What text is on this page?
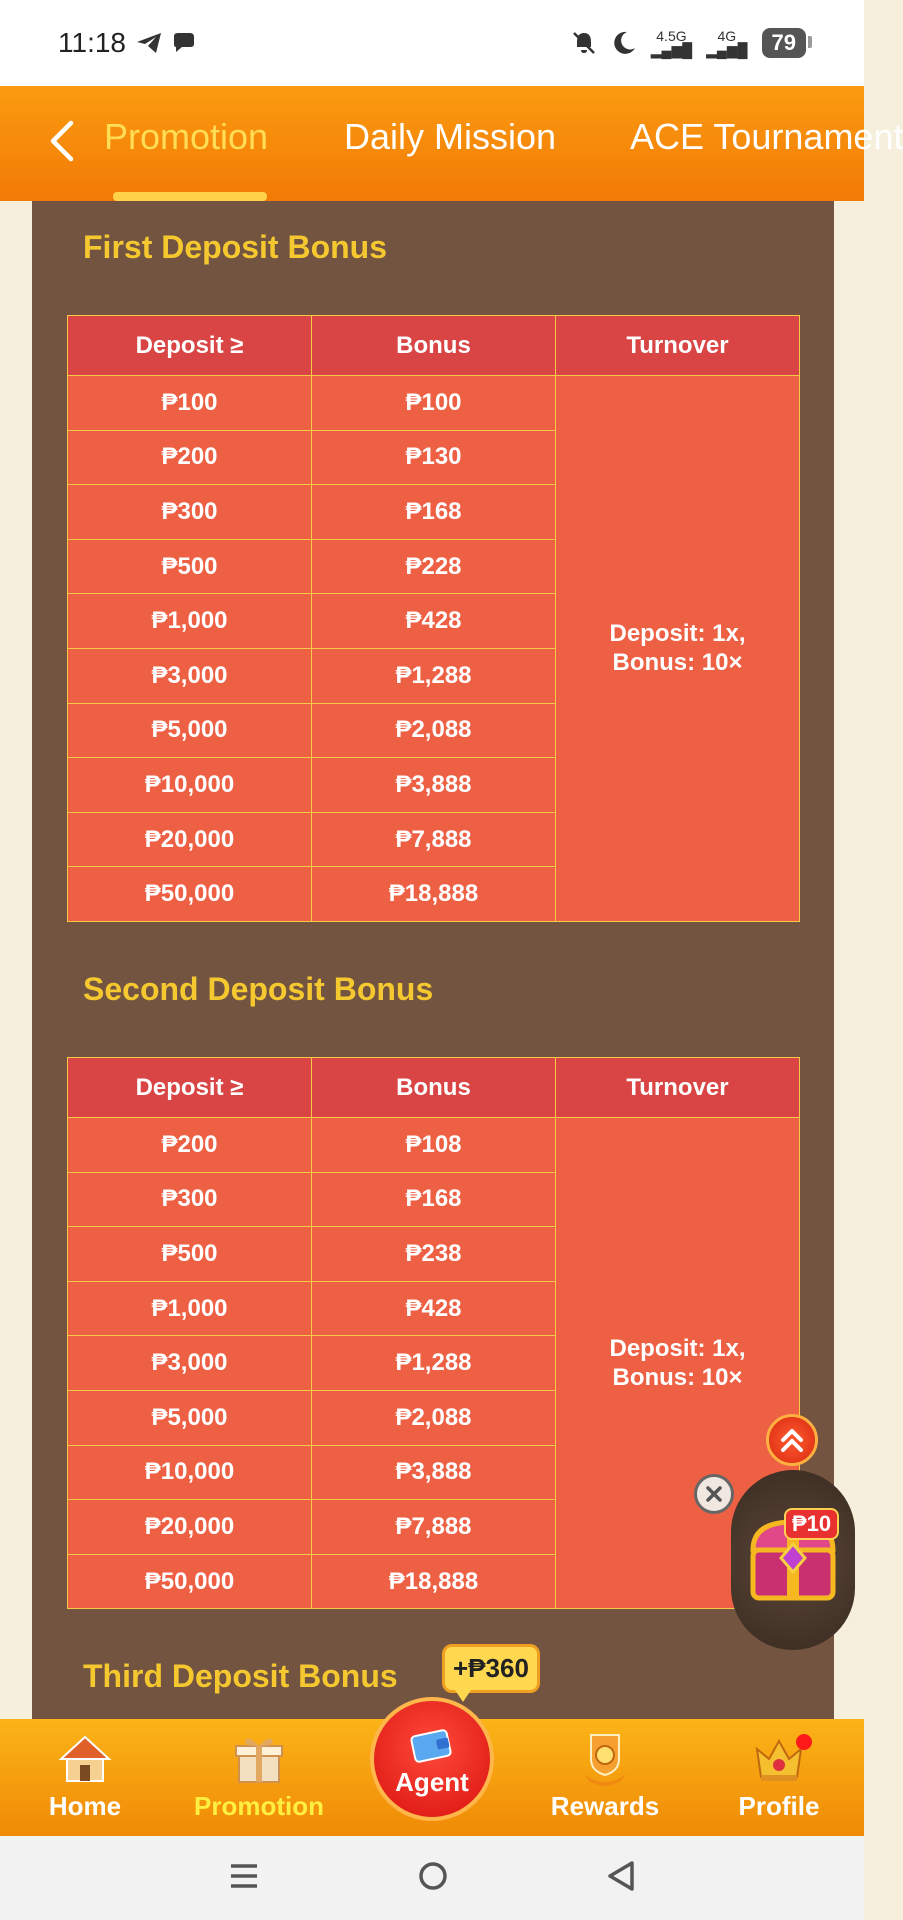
11:18	4.5G
▂▄▆█
4G
▂▄▆█	79
Promotion Daily Mission ACE Tournament
First Deposit Bonus
Deposit ≥	Bonus	Turnover
₱100	₱100	Deposit: 1x,
Bonus: 10×

₱200	₱130	
₱300	₱168	
₱500	₱228	
₱1,000	₱428	
₱3,000	₱1,288	
₱5,000	₱2,088	
₱10,000	₱3,888	
₱20,000	₱7,888	
₱50,000	₱18,888	
Second Deposit Bonus
Deposit ≥	Bonus	Turnover
₱200	₱108	Deposit: 1x,
Bonus: 10×

₱300	₱168	
₱500	₱238	
₱1,000	₱428	
₱3,000	₱1,288	
₱5,000	₱2,088	
₱10,000	₱3,888	
₱20,000	₱7,888	
₱50,000	₱18,888	
Third Deposit Bonus
₱10
Home	Promotion	Rewards	Profile
Agent
+₱360
